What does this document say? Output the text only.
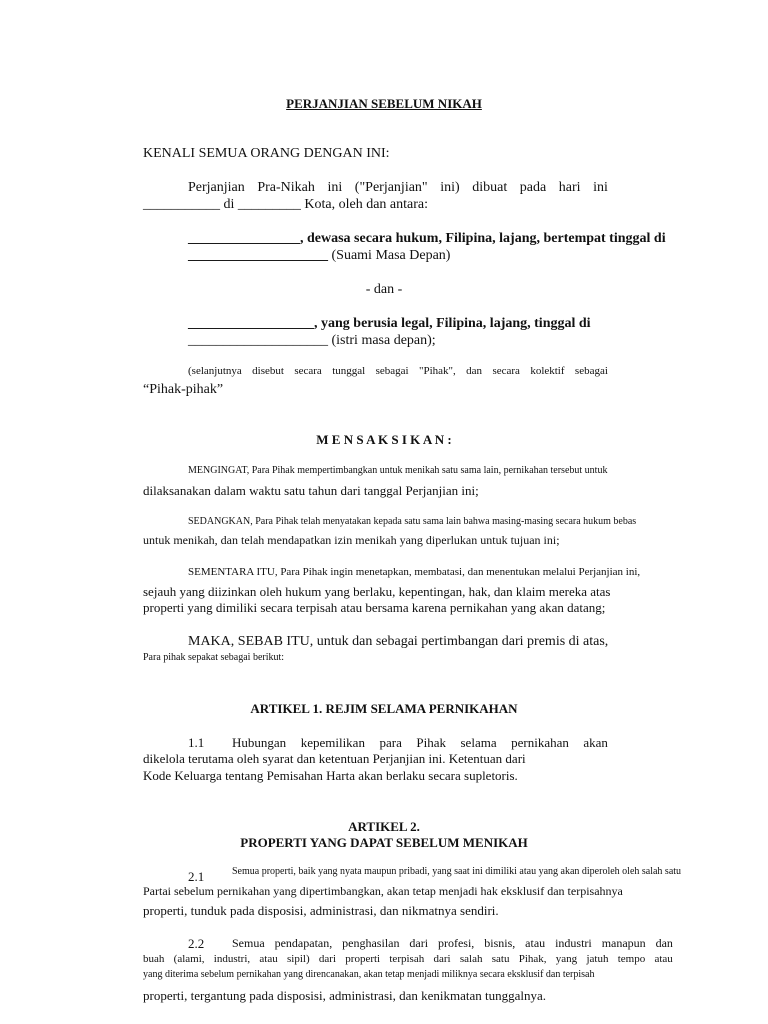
PERJANJIAN SEBELUM NIKAH
KENALI SEMUA ORANG DENGAN INI:
Perjanjian Pra-Nikah ini ("Perjanjian" ini) dibuat pada hari ini
___________ di _________ Kota, oleh dan antara:
________________, dewasa secara hukum, Filipina, lajang, bertempat tinggal di
____________________ (Suami Masa Depan)
- dan -
__________________, yang berusia legal, Filipina, lajang, tinggal di
____________________ (istri masa depan);
(selanjutnya disebut secara tunggal sebagai "Pihak", dan secara kolektif sebagai
“Pihak-pihak”
M E N S A K S I K A N :
MENGINGAT, Para Pihak mempertimbangkan untuk menikah satu sama lain, pernikahan tersebut untuk
dilaksanakan dalam waktu satu tahun dari tanggal Perjanjian ini;
SEDANGKAN, Para Pihak telah menyatakan kepada satu sama lain bahwa masing-masing secara hukum bebas
untuk menikah, dan telah mendapatkan izin menikah yang diperlukan untuk tujuan ini;
SEMENTARA ITU, Para Pihak ingin menetapkan, membatasi, dan menentukan melalui Perjanjian ini,
sejauh yang diizinkan oleh hukum yang berlaku, kepentingan, hak, dan klaim mereka atas
properti yang dimiliki secara terpisah atau bersama karena pernikahan yang akan datang;
MAKA, SEBAB ITU, untuk dan sebagai pertimbangan dari premis di atas,
Para pihak sepakat sebagai berikut:
ARTIKEL 1. REJIM SELAMA PERNIKAHAN
1.1 Hubungan kepemilikan para Pihak selama pernikahan akan
dikelola terutama oleh syarat dan ketentuan Perjanjian ini. Ketentuan dari
Kode Keluarga tentang Pemisahan Harta akan berlaku secara supletoris.
ARTIKEL 2.
PROPERTI YANG DAPAT SEBELUM MENIKAH
2.1	Semua properti, baik yang nyata maupun pribadi, yang saat ini dimiliki atau yang akan diperoleh oleh salah satu
Partai sebelum pernikahan yang dipertimbangkan, akan tetap menjadi hak eksklusif dan terpisahnya
properti, tunduk pada disposisi, administrasi, dan nikmatnya sendiri.
2.2 Semua pendapatan, penghasilan dari profesi, bisnis, atau industri manapun dan
buah (alami, industri, atau sipil) dari properti terpisah dari salah satu Pihak, yang jatuh tempo atau
yang diterima sebelum pernikahan yang direncanakan, akan tetap menjadi miliknya secara eksklusif dan terpisah
properti, tergantung pada disposisi, administrasi, dan kenikmatan tunggalnya.
